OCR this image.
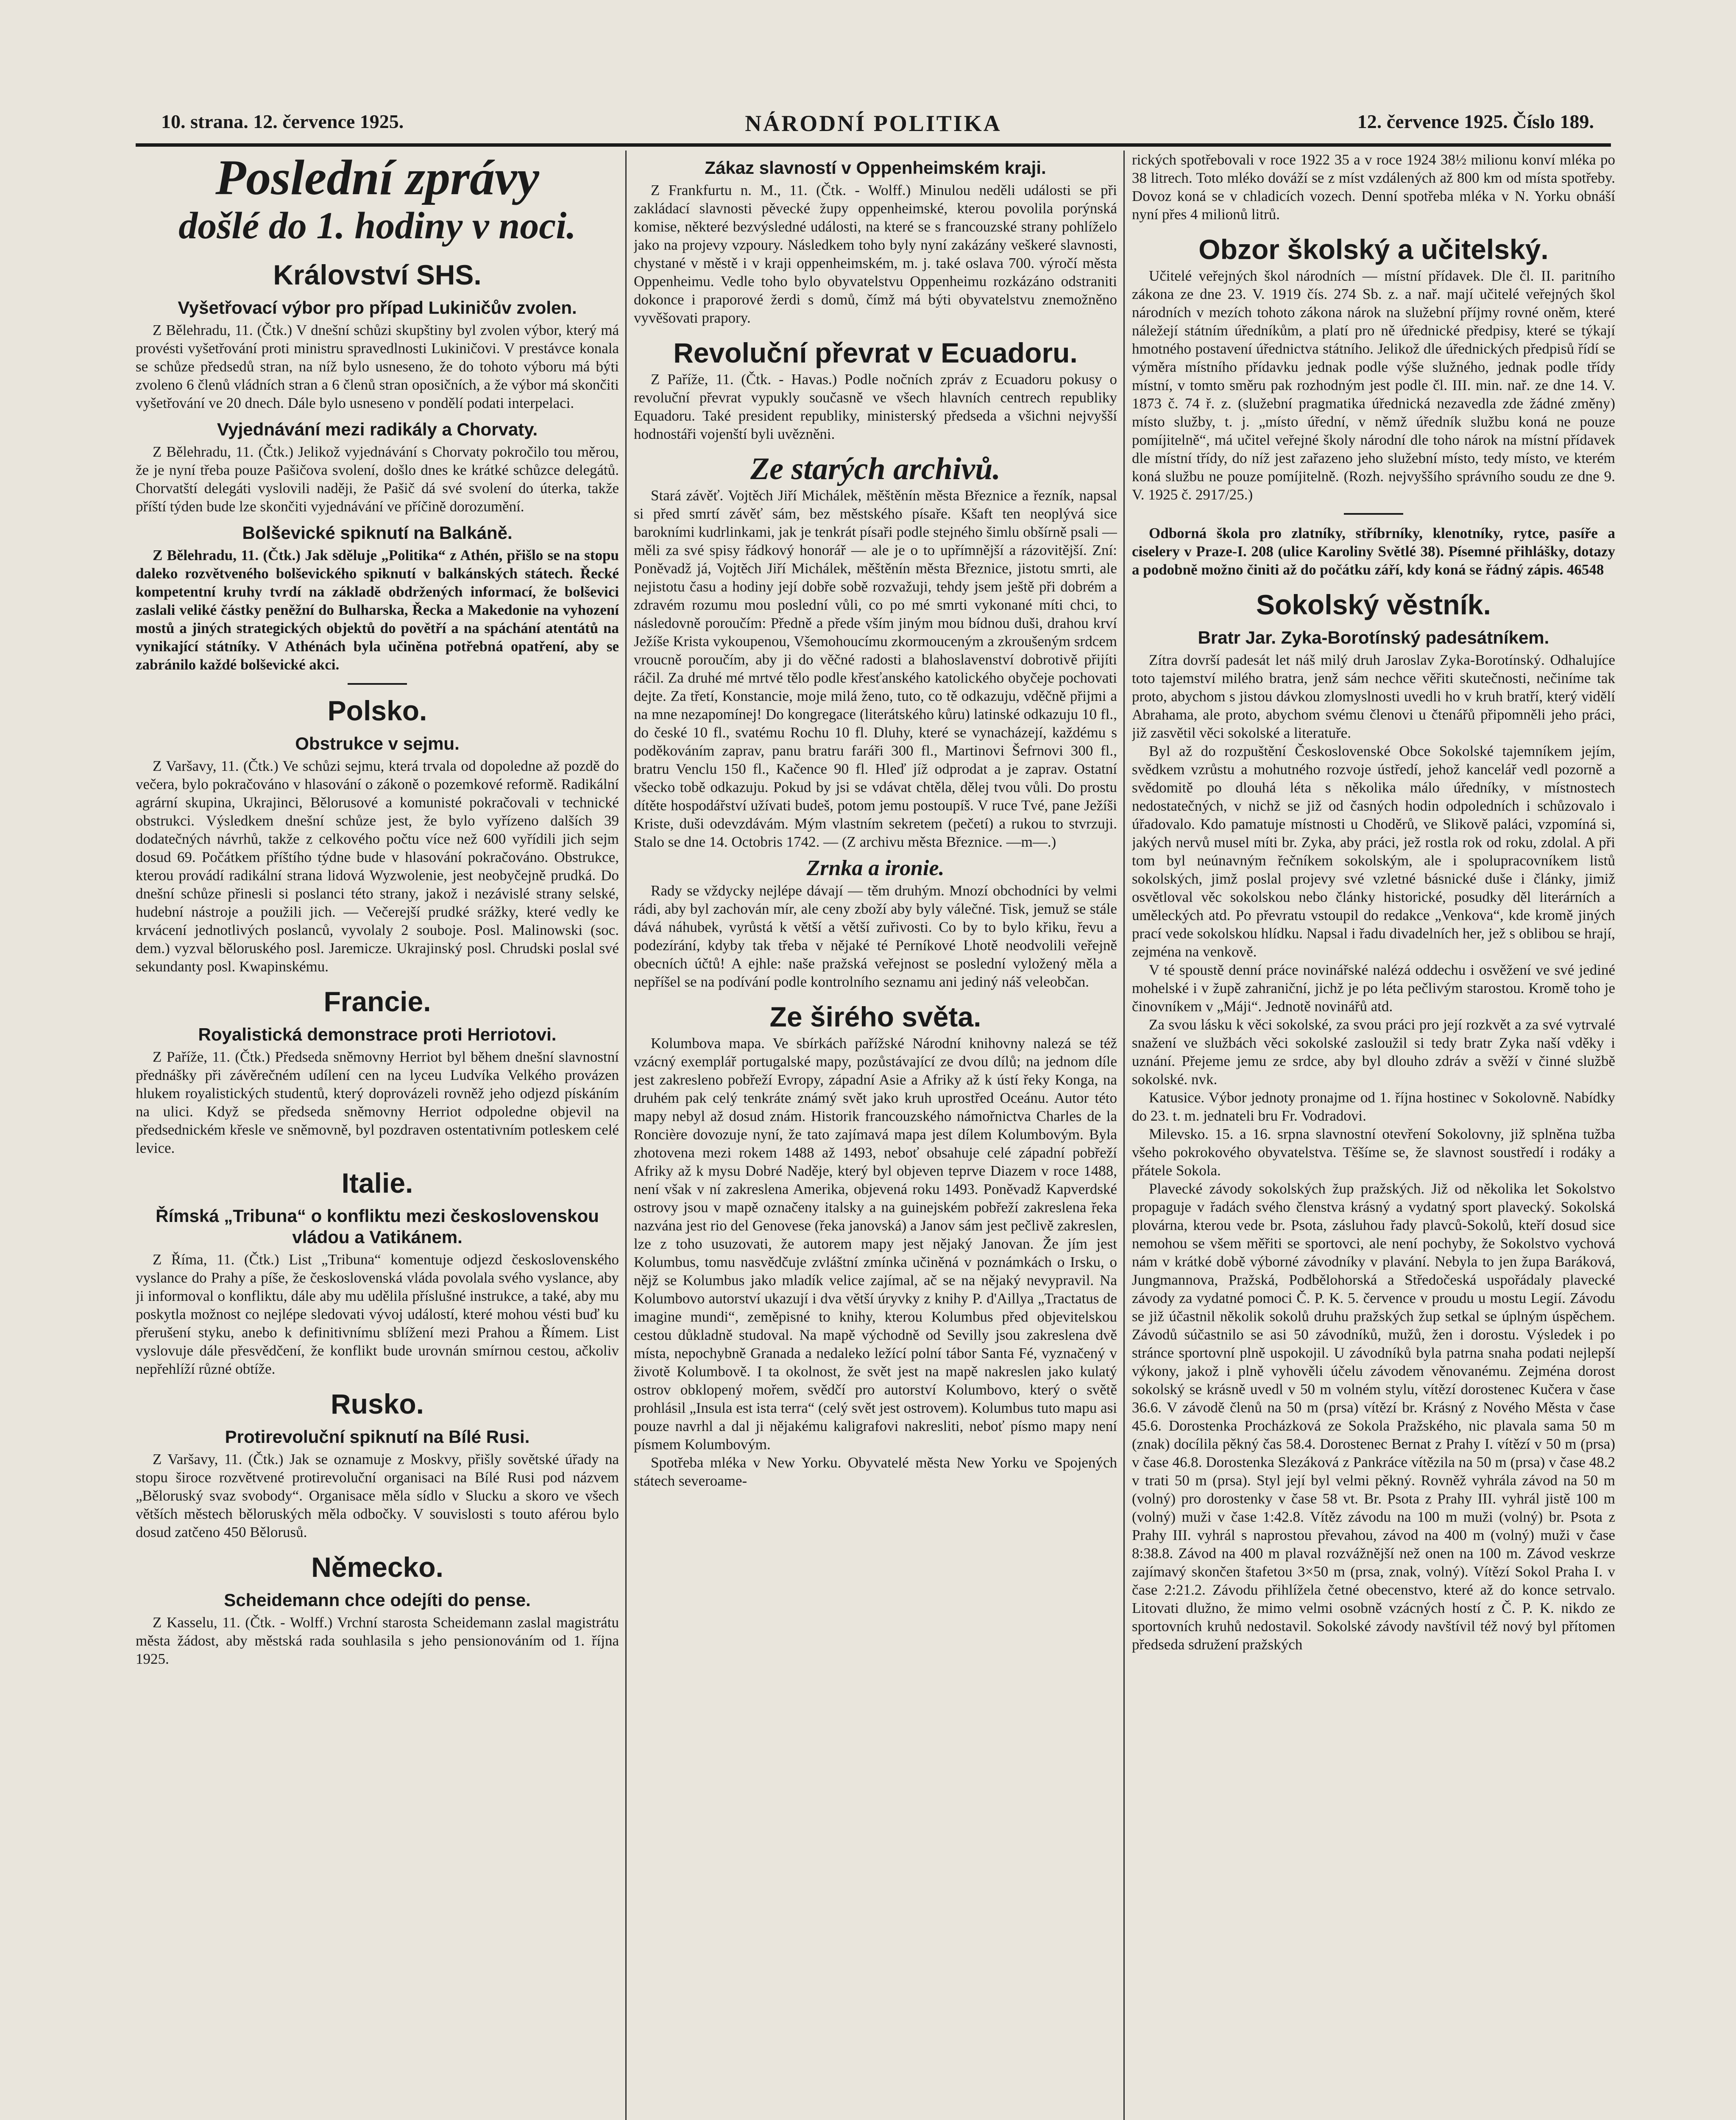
10. strana. 12. července 1925.	NÁRODNÍ POLITIKA	12. července 1925. Číslo 189.
Poslední zprávy
došlé do 1. hodiny v noci.
Království SHS.
Vyšetřovací výbor pro případ Lukiničův zvolen.

Z Bělehradu, 11. (Čtk.) V dnešní schůzi skupštiny byl zvolen výbor, který má provésti vyšetřování proti ministru spravedlnosti Lukiničovi. V prestávce konala se schůze předsedů stran, na níž bylo usneseno, že do tohoto výboru má býti zvoleno 6 členů vládních stran a 6 členů stran oposičních, a že výbor má skončiti vyšetřování ve 20 dnech. Dále bylo usneseno v pondělí podati interpelaci.

Vyjednávání mezi radikály a Chorvaty.

Z Bělehradu, 11. (Čtk.) Jelikož vyjednávání s Chorvaty pokročilo tou měrou, že je nyní třeba pouze Pašičova svolení, došlo dnes ke krátké schůzce delegátů. Chorvatští delegáti vyslovili naději, že Pašič dá své svolení do úterka, takže příští týden bude lze skončiti vyjednávání ve příčině dorozumění.

Bolševické spiknutí na Balkáně.

Z Bělehradu, 11. (Čtk.) Jak sděluje „Politika“ z Athén, přišlo se na stopu daleko rozvětveného bolševického spiknutí v balkánských státech. Řecké kompetentní kruhy tvrdí na základě obdržených informací, že bolševici zaslali veliké částky peněžní do Bulharska, Řecka a Makedonie na vyhození mostů a jiných strategických objektů do povětří a na spáchání atentátů na vynikající státníky. V Athénách byla učiněna potřebná opatření, aby se zabránilo každé bolševické akci.

Polsko.
Obstrukce v sejmu.

Z Varšavy, 11. (Čtk.) Ve schůzi sejmu, která trvala od dopoledne až pozdě do večera, bylo pokračováno v hlasování o zákoně o pozemkové reformě. Radikální agrární skupina, Ukrajinci, Bělorusové a komunisté pokračovali v technické obstrukci. Výsledkem dnešní schůze jest, že bylo vyřízeno dalších 39 dodatečných návrhů, takže z celkového počtu více než 600 vyřídili jich sejm dosud 69. Počátkem příštího týdne bude v hlasování pokračováno. Obstrukce, kterou provádí radikální strana lidová Wyzwolenie, jest neobyčejně prudká. Do dnešní schůze přinesli si poslanci této strany, jakož i nezávislé strany selské, hudební nástroje a použili jich. — Večerejší prudké srážky, které vedly ke krvácení jednotlivých poslanců, vyvolaly 2 souboje. Posl. Malinowski (soc. dem.) vyzval běloruského posl. Jaremicze. Ukrajinský posl. Chrudski poslal své sekundanty posl. Kwapinskému.

Francie.
Royalistická demonstrace proti Herriotovi.

Z Paříže, 11. (Čtk.) Předseda sněmovny Herriot byl během dnešní slavnostní přednášky při závěrečném udílení cen na lyceu Ludvíka Velkého provázen hlukem royalistických studentů, který doprovázeli rovněž jeho odjezd pískáním na ulici. Když se předseda sněmovny Herriot odpoledne objevil na předsednickém křesle ve sněmovně, byl pozdraven ostentativním potleskem celé levice.

Italie.
Římská „Tribuna“ o konfliktu mezi československou vládou a Vatikánem.

Z Říma, 11. (Čtk.) List „Tribuna“ komentuje odjezd československého vyslance do Prahy a píše, že československá vláda povolala svého vyslance, aby ji informoval o konfliktu, dále aby mu udělila příslušné instrukce, a také, aby mu poskytla možnost co nejlépe sledovati vývoj událostí, které mohou vésti buď ku přerušení styku, anebo k definitivnímu sblížení mezi Prahou a Římem. List vyslovuje dále přesvědčení, že konflikt bude urovnán smírnou cestou, ačkoliv nepřehlíží různé obtíže.

Rusko.
Protirevoluční spiknutí na Bílé Rusi.

Z Varšavy, 11. (Čtk.) Jak se oznamuje z Moskvy, přišly sovětské úřady na stopu široce rozvětvené protirevoluční organisaci na Bílé Rusi pod názvem „Běloruský svaz svobody“. Organisace měla sídlo v Slucku a skoro ve všech větších městech běloruských měla odbočky. V souvislosti s touto aférou bylo dosud zatčeno 450 Bělorusů.

Německo.
Scheidemann chce odejíti do pense.

Z Kasselu, 11. (Čtk. - Wolff.) Vrchní starosta Scheidemann zaslal magistrátu města žádost, aby městská rada souhlasila s jeho pensionováním od 1. října 1925.

Zákaz slavností v Oppenheimském kraji.

Z Frankfurtu n. M., 11. (Čtk. - Wolff.) Minulou neděli události se při zakládací slavnosti pěvecké župy oppenheimské, kterou povolila porýnská komise, některé bezvýsledné události, na které se s francouzské strany pohlíželo jako na projevy vzpoury. Následkem toho byly nyní zakázány veškeré slavnosti, chystané v městě i v kraji oppenheimském, m. j. také oslava 700. výročí města Oppenheimu. Vedle toho bylo obyvatelstvu Oppenheimu rozkázáno odstraniti dokonce i praporové žerdi s domů, čímž má býti obyvatelstvu znemožněno vyvěšovati prapory.

Revoluční převrat v Ecuadoru.

Z Paříže, 11. (Čtk. - Havas.) Podle nočních zpráv z Ecuadoru pokusy o revoluční převrat vypukly současně ve všech hlavních centrech republiky Equadoru. Také president republiky, ministerský předseda a všichni nejvyšší hodnostáři vojenští byli uvězněni.

Ze starých archivů.

Stará závěť. Vojtěch Jiří Michálek, měštěnín města Březnice a řezník, napsal si před smrtí závěť sám, bez městského písaře. Kšaft ten neoplývá sice barokními kudrlinkami, jak je tenkrát písaři podle stejného šimlu obšírně psali — měli za své spisy řádkový honorář — ale je o to upřímnější a rázovitější. Zní: Poněvadž já, Vojtěch Jiří Michálek, měštěnín města Březnice, jistotu smrti, ale nejistotu času a hodiny její dobře sobě rozvažuji, tehdy jsem ještě při dobrém a zdravém rozumu mou poslední vůli, co po mé smrti vykonané míti chci, to následovně poroučím: Předně a přede vším jiným mou bídnou duši, drahou krví Ježíše Krista vykoupenou, Všemohoucímu zkormouceným a zkroušeným srdcem vroucně poroučím, aby ji do věčné radosti a blahoslavenství dobrotivě přijíti ráčil. Za druhé mé mrtvé tělo podle křesťanského katolického obyčeje pochovati dejte. Za třetí, Konstancie, moje milá ženo, tuto, co tě odkazuju, vděčně přijmi a na mne nezapomínej! Do kongregace (literátského kůru) latinské odkazuju 10 fl., do české 10 fl., svatému Rochu 10 fl. Dluhy, které se vynacházejí, každému s poděkováním zaprav, panu bratru faráři 300 fl., Martinovi Šefrnovi 300 fl., bratru Venclu 150 fl., Kačence 90 fl. Hleď jíž odprodat a je zaprav. Ostatní všecko tobě odkazuju. Pokud by jsi se vdávat chtěla, dělej tvou vůli. Do prostu dítěte hospodářství užívati budeš, potom jemu postoupíš. V ruce Tvé, pane Ježíši Kriste, duši odevzdávám. Mým vlastním sekretem (pečetí) a rukou to stvrzuji. Stalo se dne 14. Octobris 1742. — (Z archivu města Březnice. —m—.)

Zrnka a ironie.

Rady se vždycky nejlépe dávají — těm druhým. Mnozí obchodníci by velmi rádi, aby byl zachován mír, ale ceny zboží aby byly válečné. Tisk, jemuž se stále dává náhubek, vyrůstá k větší a větší zuřivosti. Co by to bylo křiku, řevu a podezírání, kdyby tak třeba v nějaké té Perníkové Lhotě neodvolili veřejně obecních účtů! A ejhle: naše pražská veřejnost se poslední vyložený měla a nepříšel se na podívání podle kontrolního seznamu ani jediný náš veleobčan.

Ze širého světa.

Kolumbova mapa. Ve sbírkách pařížské Národní knihovny nalezá se též vzácný exemplář portugalské mapy, pozůstávající ze dvou dílů; na jednom díle jest zakresleno pobřeží Evropy, západní Asie a Afriky až k ústí řeky Konga, na druhém pak celý tenkráte známý svět jako kruh uprostřed Oceánu. Autor této mapy nebyl až dosud znám. Historik francouzského námořnictva Charles de la Roncière dovozuje nyní, že tato zajímavá mapa jest dílem Kolumbovým. Byla zhotovena mezi rokem 1488 až 1493, neboť obsahuje celé západní pobřeží Afriky až k mysu Dobré Naděje, který byl objeven teprve Diazem v roce 1488, není však v ní zakreslena Amerika, objevená roku 1493. Poněvadž Kapverdské ostrovy jsou v mapě označeny italsky a na guinejském pobřeží zakreslena řeka nazvána jest rio del Genovese (řeka janovská) a Janov sám jest pečlivě zakreslen, lze z toho usuzovati, že autorem mapy jest nějaký Janovan. Že jím jest Kolumbus, tomu nasvědčuje zvláštní zmínka učiněná v poznámkách o Irsku, o nějž se Kolumbus jako mladík velice zajímal, ač se na nějaký nevypravil. Na Kolumbovo autorství ukazují i dva větší úryvky z knihy P. d'Aillya „Tractatus de imagine mundi“, zeměpisné to knihy, kterou Kolumbus před objevitelskou cestou důkladně studoval. Na mapě východně od Sevilly jsou zakreslena dvě místa, nepochybně Granada a nedaleko ležící polní tábor Santa Fé, vyznačený v životě Kolumbově. I ta okolnost, že svět jest na mapě nakreslen jako kulatý ostrov obklopený mořem, svědčí pro autorství Kolumbovo, který o světě prohlásil „Insula est ista terra“ (celý svět jest ostrovem). Kolumbus tuto mapu asi pouze navrhl a dal ji nějakému kaligrafovi nakresliti, neboť písmo mapy není písmem Kolumbovým.

Spotřeba mléka v New Yorku. Obyvatelé města New Yorku ve Spojených státech severoame-

rických spotřebovali v roce 1922 35 a v roce 1924 38½ milionu konví mléka po 38 litrech. Toto mléko dováží se z míst vzdálených až 800 km od místa spotřeby. Dovoz koná se v chladicích vozech. Denní spotřeba mléka v N. Yorku obnáší nyní přes 4 milionů litrů.

Obzor školský a učitelský.

Učitelé veřejných škol národních — místní přídavek. Dle čl. II. paritního zákona ze dne 23. V. 1919 čís. 274 Sb. z. a nař. mají učitelé veřejných škol národních v mezích tohoto zákona nárok na služební příjmy rovné oněm, které náležejí státním úředníkům, a platí pro ně úřednické předpisy, které se týkají hmotného postavení úřednictva státního. Jelikož dle úřednických předpisů řídí se výměra místního přídavku jednak podle výše služného, jednak podle třídy místní, v tomto směru pak rozhodným jest podle čl. III. min. nař. ze dne 14. V. 1873 č. 74 ř. z. (služební pragmatika úřednická nezavedla zde žádné změny) místo služby, t. j. „místo úřední, v němž úředník službu koná ne pouze pomíjitelně“, má učitel veřejné školy národní dle toho nárok na místní přídavek dle místní třídy, do níž jest zařazeno jeho služební místo, tedy místo, ve kterém koná službu ne pouze pomíjitelně. (Rozh. nejvyššího správního soudu ze dne 9. V. 1925 č. 2917/25.)

Odborná škola pro zlatníky, stříbrníky, klenotníky, rytce, pasíře a ciselery v Praze-I. 208 (ulice Karoliny Světlé 38). Písemné přihlášky, dotazy a podobně možno činiti až do počátku září, kdy koná se řádný zápis. 46548

Sokolský věstník.
Bratr Jar. Zyka-Borotínský padesátníkem.

Zítra dovrší padesát let náš milý druh Jaroslav Zyka-Borotínský. Odhalujíce toto tajemství milého bratra, jenž sám nechce věřiti skutečnosti, nečiníme tak proto, abychom s jistou dávkou zlomyslnosti uvedli ho v kruh bratří, který vidělí Abrahama, ale proto, abychom svému členovi u čtenářů připomněli jeho práci, již zasvětil věci sokolské a literatuře.

Byl až do rozpuštění Československé Obce Sokolské tajemníkem jejím, svědkem vzrůstu a mohutného rozvoje ústředí, jehož kancelář vedl pozorně a svědomitě po dlouhá léta s několika málo úředníky, v místnostech nedostatečných, v nichž se již od časných hodin odpoledních i schůzovalo i úřadovalo. Kdo pamatuje místnosti u Choděrů, ve Slikově paláci, vzpomíná si, jakých nervů musel míti br. Zyka, aby práci, jež rostla rok od roku, zdolal. A při tom byl neúnavným řečníkem sokolským, ale i spolupracovníkem listů sokolských, jimž poslal projevy své vzletné básnické duše i články, jimiž osvětloval věc sokolskou nebo články historické, posudky děl literárních a uměleckých atd. Po převratu vstoupil do redakce „Venkova“, kde kromě jiných prací vede sokolskou hlídku. Napsal i řadu divadelních her, jež s oblibou se hrají, zejména na venkově.

V té spoustě denní práce novinářské nalézá oddechu i osvěžení ve své jediné mohelské i v župě zahraniční, jichž je po léta pečlivým starostou. Kromě toho je činovníkem v „Máji“. Jednotě novinářů atd.

Za svou lásku k věci sokolské, za svou práci pro její rozkvět a za své vytrvalé snažení ve službách věci sokolské zasloužil si tedy bratr Zyka naší vděky i uznání. Přejeme jemu ze srdce, aby byl dlouho zdráv a svěží v činné službě sokolské. nvk.

Katusice. Výbor jednoty pronajme od 1. října hostinec v Sokolovně. Nabídky do 23. t. m. jednateli bru Fr. Vodradovi.

Milevsko. 15. a 16. srpna slavnostní otevření Sokolovny, již splněna tužba všeho pokrokového obyvatelstva. Těšíme se, že slavnost soustředí i rodáky a přátele Sokola.

Plavecké závody sokolských žup pražských. Již od několika let Sokolstvo propaguje v řadách svého členstva krásný a vydatný sport plavecký. Sokolská plovárna, kterou vede br. Psota, zásluhou řady plavců-Sokolů, kteří dosud sice nemohou se všem měřiti se sportovci, ale není pochyby, že Sokolstvo vychová nám v krátké době výborné závodníky v plavání. Nebyla to jen župa Baráková, Jungmannova, Pražská, Podbělohorská a Středočeská uspořádaly plavecké závody za vydatné pomoci Č. P. K. 5. července v proudu u mostu Legií. Závodu se již účastnil několik sokolů druhu pražských žup setkal se úplným úspěchem. Závodů súčastnilo se asi 50 závodníků, mužů, žen i dorostu. Výsledek i po stránce sportovní plně uspokojil. U závodníků byla patrna snaha podati nejlepší výkony, jakož i plně vyhověli účelu závodem věnovanému. Zejména dorost sokolský se krásně uvedl v 50 m volném stylu, vítězí dorostenec Kučera v čase 36.6. V závodě členů na 50 m (prsa) vítězí br. Krásný z Nového Města v čase 45.6. Dorostenka Procházková ze Sokola Pražského, nic plavala sama 50 m (znak) docílila pěkný čas 58.4. Dorostenec Bernat z Prahy I. vítězí v 50 m (prsa) v čase 46.8. Dorostenka Slezáková z Pankrácе vítězila na 50 m (prsa) v čase 48.2 v trati 50 m (prsa). Styl její byl velmi pěkný. Rovněž vyhrála závod na 50 m (volný) pro dorostenky v čase 58 vt. Br. Psota z Prahy III. vyhrál jistě 100 m (volný) muži v čase 1:42.8. Vítěz závodu na 100 m muži (volný) br. Psota z Prahy III. vyhrál s naprostou převahou, závod na 400 m (volný) muži v čase 8:38.8. Závod na 400 m plaval rozvážnější než onen na 100 m. Závod veskrze zajímavý skončen štafetou 3×50 m (prsa, znak, volný). Vítězí Sokol Praha I. v čase 2:21.2. Závodu přihlížela četné obecenstvo, které až do konce setrvalo. Litovati dlužno, že mimo velmi osobně vzácných hostí z Č. P. K. nikdo ze sportovních kruhů nedostavil. Sokolské závody navštívil též nový byl přítomen předseda sdružení pražských
